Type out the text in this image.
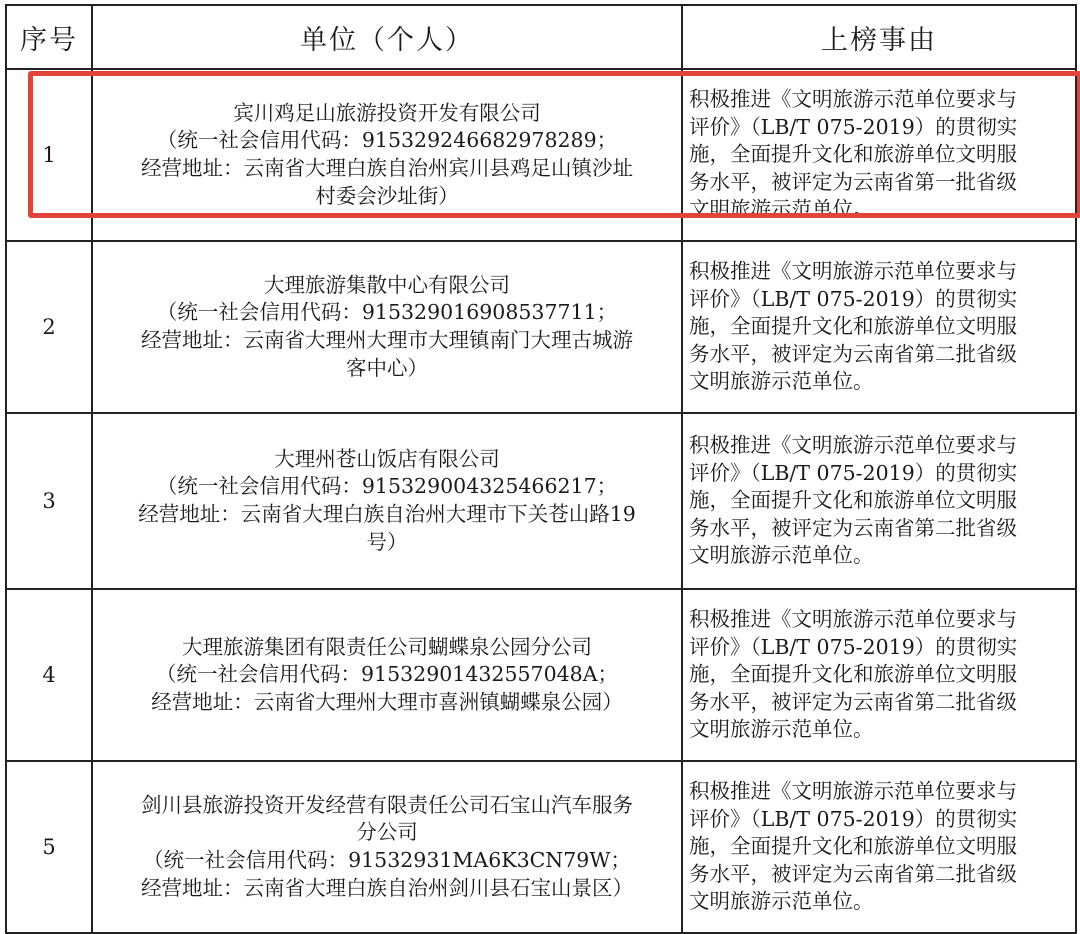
序号	单位（个人）	上榜事由
1	宾川鸡足山旅游投资开发有限公司
（统一社会信用代码：915329246682978289；
经营地址：云南省大理白族自治州宾川县鸡足山镇沙址
村委会沙址街）	积极推进《文明旅游示范单位要求与
评价》（LB/T 075-2019）的贯彻实
施，全面提升文化和旅游单位文明服
务水平，被评定为云南省第一批省级
文明旅游示范单位。

2	大理旅游集散中心有限公司
（统一社会信用代码：915329016908537711；
经营地址：云南省大理州大理市大理镇南门大理古城游
客中心）	积极推进《文明旅游示范单位要求与
评价》（LB/T 075-2019）的贯彻实
施，全面提升文化和旅游单位文明服
务水平，被评定为云南省第二批省级
文明旅游示范单位。

3	大理州苍山饭店有限公司
（统一社会信用代码：915329004325466217；
经营地址：云南省大理白族自治州大理市下关苍山路19
号）	积极推进《文明旅游示范单位要求与
评价》（LB/T 075-2019）的贯彻实
施，全面提升文化和旅游单位文明服
务水平，被评定为云南省第二批省级
文明旅游示范单位。

4	大理旅游集团有限责任公司蝴蝶泉公园分公司
（统一社会信用代码：91532901432557048A；
经营地址：云南省大理州大理市喜洲镇蝴蝶泉公园）	积极推进《文明旅游示范单位要求与
评价》（LB/T 075-2019）的贯彻实
施，全面提升文化和旅游单位文明服
务水平，被评定为云南省第二批省级
文明旅游示范单位。

5	剑川县旅游投资开发经营有限责任公司石宝山汽车服务
分公司
（统一社会信用代码：91532931MA6K3CN79W；
经营地址：云南省大理白族自治州剑川县石宝山景区）	积极推进《文明旅游示范单位要求与
评价》（LB/T 075-2019）的贯彻实
施，全面提升文化和旅游单位文明服
务水平，被评定为云南省第二批省级
文明旅游示范单位。
